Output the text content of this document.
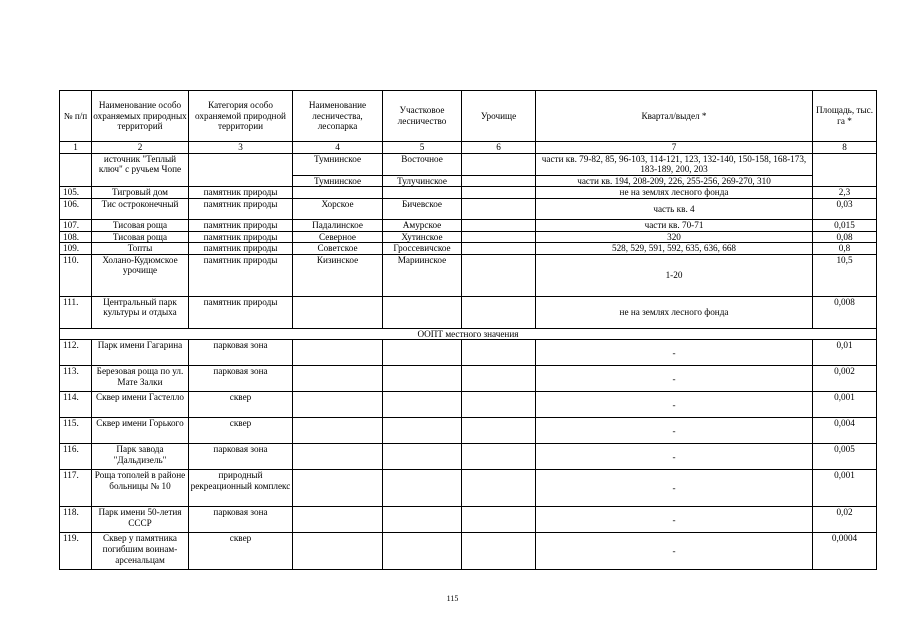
№ п/п	Наименование особо охраняемых природных территорий	Категория особо охраняемой природной территории	Наименование лесничества, лесопарка	Участковое лесничество	Урочище	Квартал/выдел *	Площадь, тыс. га *
1	2	3	4	5	6	7	8
	источник "Теплый ключ" с ручьем Чопе		Тумнинское	Восточное		части кв. 79-82, 85, 96-103, 114-121, 123, 132-140, 150-158, 168-173, 183-189, 200, 203	
			Тумнинское	Тулучинское		части кв. 194, 208-209, 226, 255-256, 269-270, 310	
105.	Тигровый дом	памятник природы				не на землях лесного фонда	2,3
106.	Тис остроконечный	памятник природы	Хорское	Бичевское		часть кв. 4	0,03
107.	Тисовая роща	памятник природы	Падалинское	Амурское		части кв. 70-71	0,015
108.	Тисовая роща	памятник природы	Северное	Хутинское		320	0,08
109.	Топты	памятник природы	Советское	Гроссевичское		528, 529, 591, 592, 635, 636, 668	0,8
110.	Холано-Кудюмское урочище	памятник природы	Кизинское	Мариинское		1-20	10,5
111.	Центральный парк культуры и отдыха	памятник природы				не на землях лесного фонда	0,008
ООПТ местного значения							
112.	Парк имени Гагарина	парковая зона				-	0,01
113.	Березовая роща по ул. Мате Залки	парковая зона				-	0,002
114.	Сквер имени Гастелло	сквер				-	0,001
115.	Сквер имени Горького	сквер				-	0,004
116.	Парк завода "Дальдизель"	парковая зона				-	0,005
117.	Роща тополей в районе больницы № 10	природный рекреационный комплекс				-	0,001
118.	Парк имени 50-летия СССР	парковая зона				-	0,02
119.	Сквер у памятника погибшим воинам-арсенальцам	сквер				-	0,0004
115
